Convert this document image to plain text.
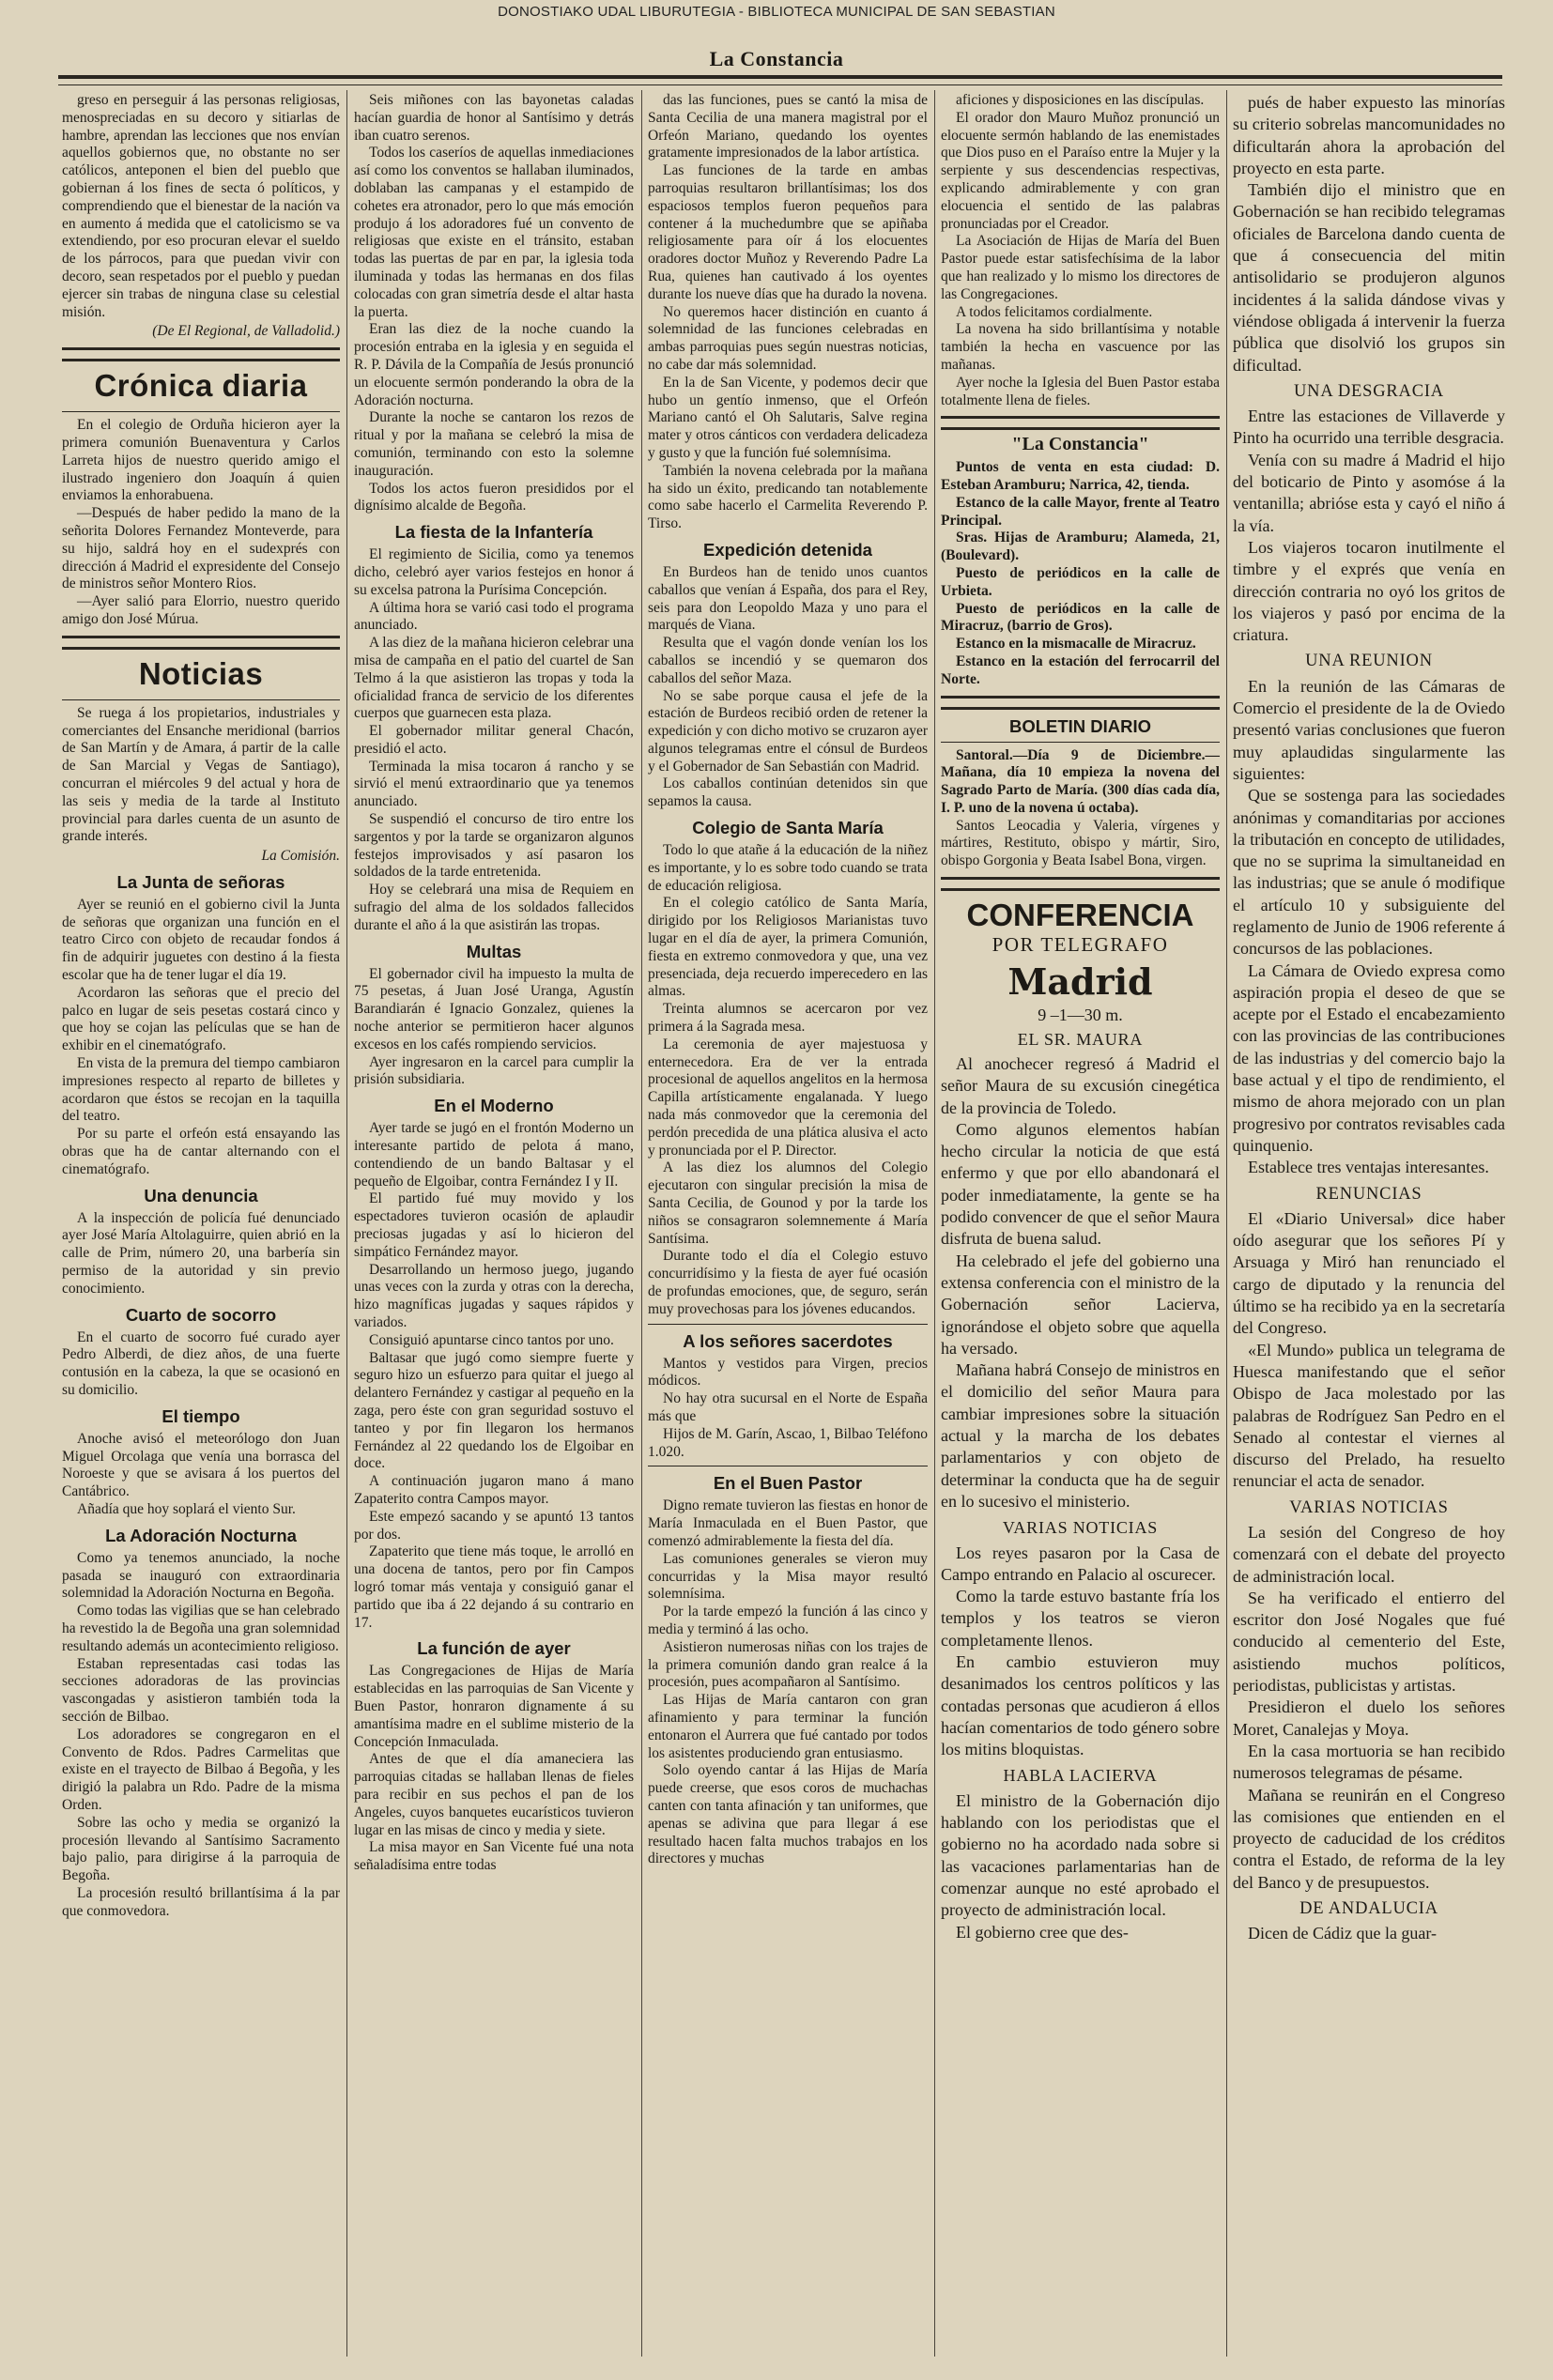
DONOSTIAKO UDAL LIBURUTEGIA - BIBLIOTECA MUNICIPAL DE SAN SEBASTIAN
La Constancia

greso en perseguir á las personas religiosas, menospreciadas en su decoro y sitiarlas de hambre, aprendan las lecciones que nos envían aquellos gobiernos que, no obstante no ser católicos, anteponen el bien del pueblo que gobiernan á los fines de secta ó políticos, y comprendiendo que el bienestar de la nación va en aumento á medida que el catolicismo se va extendiendo, por eso procuran elevar el sueldo de los párrocos, para que puedan vivir con decoro, sean respetados por el pueblo y puedan ejercer sin trabas de ninguna clase su celestial misión.

(De El Regional, de Valladolid.)
Crónica diaria

En el colegio de Orduña hicieron ayer la primera comunión Buenaventura y Carlos Larreta hijos de nuestro querido amigo el ilustrado ingeniero don Joaquín á quien enviamos la enhorabuena.

—Después de haber pedido la mano de la señorita Dolores Fernandez Monteverde, para su hijo, saldrá hoy en el sudexprés con dirección á Madrid el expresidente del Consejo de ministros señor Montero Rios.

—Ayer salió para Elorrio, nuestro querido amigo don José Múrua.

Noticias

Se ruega á los propietarios, industriales y comerciantes del Ensanche meridional (barrios de San Martín y de Amara, á partir de la calle de San Marcial y Vegas de Santiago), concurran el miércoles 9 del actual y hora de las seis y media de la tarde al Instituto provincial para darles cuenta de un asunto de grande interés.

La Comisión.
La Junta de señoras

Ayer se reunió en el gobierno civil la Junta de señoras que organizan una función en el teatro Circo con objeto de recaudar fondos á fin de adquirir juguetes con destino á la fiesta escolar que ha de tener lugar el día 19.

Acordaron las señoras que el precio del palco en lugar de seis pesetas costará cinco y que hoy se cojan las películas que se han de exhibir en el cinematógrafo.

En vista de la premura del tiempo cambiaron impresiones respecto al reparto de billetes y acordaron que éstos se recojan en la taquilla del teatro.

Por su parte el orfeón está ensayando las obras que ha de cantar alternando con el cinematógrafo.

Una denuncia

A la inspección de policía fué denunciado ayer José María Altolaguirre, quien abrió en la calle de Prim, número 20, una barbería sin permiso de la autoridad y sin previo conocimiento.

Cuarto de socorro

En el cuarto de socorro fué curado ayer Pedro Alberdi, de diez años, de una fuerte contusión en la cabeza, la que se ocasionó en su domicilio.

El tiempo

Anoche avisó el meteorólogo don Juan Miguel Orcolaga que venía una borrasca del Noroeste y que se avisara á los puertos del Cantábrico.

Añadía que hoy soplará el viento Sur.

La Adoración Nocturna

Como ya tenemos anunciado, la noche pasada se inauguró con extraordinaria solemnidad la Adoración Nocturna en Begoña.

Como todas las vigilias que se han celebrado ha revestido la de Begoña una gran solemnidad resultando además un acontecimiento religioso.

Estaban representadas casi todas las secciones adoradoras de las provincias vascongadas y asistieron también toda la sección de Bilbao.

Los adoradores se congregaron en el Convento de Rdos. Padres Carmelitas que existe en el trayecto de Bilbao á Begoña, y les dirigió la palabra un Rdo. Padre de la misma Orden.

Sobre las ocho y media se organizó la procesión llevando al Santísimo Sacramento bajo palio, para dirigirse á la parroquia de Begoña.

La procesión resultó brillantísima á la par que conmovedora.

Seis miñones con las bayonetas caladas hacían guardia de honor al Santísimo y detrás iban cuatro serenos.

Todos los caseríos de aquellas inmediaciones así como los conventos se hallaban iluminados, doblaban las campanas y el estampido de cohetes era atronador, pero lo que más emoción produjo á los adoradores fué un convento de religiosas que existe en el tránsito, estaban todas las puertas de par en par, la iglesia toda iluminada y todas las hermanas en dos filas colocadas con gran simetría desde el altar hasta la puerta.

Eran las diez de la noche cuando la procesión entraba en la iglesia y en seguida el R. P. Dávila de la Compañía de Jesús pronunció un elocuente sermón ponderando la obra de la Adoración nocturna.

Durante la noche se cantaron los rezos de ritual y por la mañana se celebró la misa de comunión, terminando con esto la solemne inauguración.

Todos los actos fueron presididos por el dignísimo alcalde de Begoña.

La fiesta de la Infantería

El regimiento de Sicilia, como ya tenemos dicho, celebró ayer varios festejos en honor á su excelsa patrona la Purísima Concepción.

A última hora se varió casi todo el programa anunciado.

A las diez de la mañana hicieron celebrar una misa de campaña en el patio del cuartel de San Telmo á la que asistieron las tropas y toda la oficialidad franca de servicio de los diferentes cuerpos que guarnecen esta plaza.

El gobernador militar general Chacón, presidió el acto.

Terminada la misa tocaron á rancho y se sirvió el menú extraordinario que ya tenemos anunciado.

Se suspendió el concurso de tiro entre los sargentos y por la tarde se organizaron algunos festejos improvisados y así pasaron los soldados de la tarde entretenida.

Hoy se celebrará una misa de Requiem en sufragio del alma de los soldados fallecidos durante el año á la que asistirán las tropas.

Multas

El gobernador civil ha impuesto la multa de 75 pesetas, á Juan José Uranga, Agustín Barandiarán é Ignacio Gonzalez, quienes la noche anterior se permitieron hacer algunos excesos en los cafés rompiendo servicios.

Ayer ingresaron en la carcel para cumplir la prisión subsidiaria.

En el Moderno

Ayer tarde se jugó en el frontón Moderno un interesante partido de pelota á mano, contendiendo de un bando Baltasar y el pequeño de Elgoibar, contra Fernández I y II.

El partido fué muy movido y los espectadores tuvieron ocasión de aplaudir preciosas jugadas y así lo hicieron del simpático Fernández mayor.

Desarrollando un hermoso juego, jugando unas veces con la zurda y otras con la derecha, hizo magníficas jugadas y saques rápidos y variados.

Consiguió apuntarse cinco tantos por uno.

Baltasar que jugó como siempre fuerte y seguro hizo un esfuerzo para quitar el juego al delantero Fernández y castigar al pequeño en la zaga, pero éste con gran seguridad sostuvo el tanteo y por fin llegaron los hermanos Fernández al 22 quedando los de Elgoibar en doce.

A continuación jugaron mano á mano Zapaterito contra Campos mayor.

Este empezó sacando y se apuntó 13 tantos por dos.

Zapaterito que tiene más toque, le arrolló en una docena de tantos, pero por fin Campos logró tomar más ventaja y consiguió ganar el partido que iba á 22 dejando á su contrario en 17.

La función de ayer

Las Congregaciones de Hijas de María establecidas en las parroquias de San Vicente y Buen Pastor, honraron dignamente á su amantísima madre en el sublime misterio de la Concepción Inmaculada.

Antes de que el día amaneciera las parroquias citadas se hallaban llenas de fieles para recibir en sus pechos el pan de los Angeles, cuyos banquetes eucarísticos tuvieron lugar en las misas de cinco y media y siete.

La misa mayor en San Vicente fué una nota señaladísima entre todas

das las funciones, pues se cantó la misa de Santa Cecilia de una manera magistral por el Orfeón Mariano, quedando los oyentes gratamente impresionados de la labor artística.

Las funciones de la tarde en ambas parroquias resultaron brillantísimas; los dos espaciosos templos fueron pequeños para contener á la muchedumbre que se apiñaba religiosamente para oír á los elocuentes oradores doctor Muñoz y Reverendo Padre La Rua, quienes han cautivado á los oyentes durante los nueve días que ha durado la novena.

No queremos hacer distinción en cuanto á solemnidad de las funciones celebradas en ambas parroquias pues según nuestras noticias, no cabe dar más solemnidad.

En la de San Vicente, y podemos decir que hubo un gentío inmenso, que el Orfeón Mariano cantó el Oh Salutaris, Salve regina mater y otros cánticos con verdadera delicadeza y gusto y que la función fué solemnísima.

También la novena celebrada por la mañana ha sido un éxito, predicando tan notablemente como sabe hacerlo el Carmelita Reverendo P. Tirso.

Expedición detenida

En Burdeos han de tenido unos cuantos caballos que venían á España, dos para el Rey, seis para don Leopoldo Maza y uno para el marqués de Viana.

Resulta que el vagón donde venían los los caballos se incendió y se quemaron dos caballos del señor Maza.

No se sabe porque causa el jefe de la estación de Burdeos recibió orden de retener la expedición y con dicho motivo se cruzaron ayer algunos telegramas entre el cónsul de Burdeos y el Gobernador de San Sebastián con Madrid.

Los caballos continúan detenidos sin que sepamos la causa.

Colegio de Santa María

Todo lo que atañe á la educación de la niñez es importante, y lo es sobre todo cuando se trata de educación religiosa.

En el colegio católico de Santa María, dirigido por los Religiosos Marianistas tuvo lugar en el día de ayer, la primera Comunión, fiesta en extremo conmovedora y que, una vez presenciada, deja recuerdo imperecedero en las almas.

Treinta alumnos se acercaron por vez primera á la Sagrada mesa.

La ceremonia de ayer majestuosa y enternecedora. Era de ver la entrada procesional de aquellos angelitos en la hermosa Capilla artísticamente engalanada. Y luego nada más conmovedor que la ceremonia del perdón precedida de una plática alusiva el acto y pronunciada por el P. Director.

A las diez los alumnos del Colegio ejecutaron con singular precisión la misa de Santa Cecilia, de Gounod y por la tarde los niños se consagraron solemnemente á María Santísima.

Durante todo el día el Colegio estuvo concurridísimo y la fiesta de ayer fué ocasión de profundas emociones, que, de seguro, serán muy provechosas para los jóvenes educandos.

A los señores sacerdotes

Mantos y vestidos para Virgen, precios módicos.

No hay otra sucursal en el Norte de España más que

Hijos de M. Garín, Ascao, 1, Bilbao Teléfono 1.020.

En el Buen Pastor

Digno remate tuvieron las fiestas en honor de María Inmaculada en el Buen Pastor, que comenzó admirablemente la fiesta del día.

Las comuniones generales se vieron muy concurridas y la Misa mayor resultó solemnísima.

Por la tarde empezó la función á las cinco y media y terminó á las ocho.

Asistieron numerosas niñas con los trajes de la primera comunión dando gran realce á la procesión, pues acompañaron al Santísimo.

Las Hijas de María cantaron con gran afinamiento y para terminar la función entonaron el Aurrera que fué cantado por todos los asistentes produciendo gran entusiasmo.

Solo oyendo cantar á las Hijas de María puede creerse, que esos coros de muchachas canten con tanta afinación y tan uniformes, que apenas se adivina que para llegar á ese resultado hacen falta muchos trabajos en los directores y muchas

aficiones y disposiciones en las discípulas.

El orador don Mauro Muñoz pronunció un elocuente sermón hablando de las enemistades que Dios puso en el Paraíso entre la Mujer y la serpiente y sus descendencias respectivas, explicando admirablemente y con gran elocuencia el sentido de las palabras pronunciadas por el Creador.

La Asociación de Hijas de María del Buen Pastor puede estar satisfechísima de la labor que han realizado y lo mismo los directores de las Congregaciones.

A todos felicitamos cordialmente.

La novena ha sido brillantísima y notable también la hecha en vascuence por las mañanas.

Ayer noche la Iglesia del Buen Pastor estaba totalmente llena de fieles.

"La Constancia"

Puntos de venta en esta ciudad: D. Esteban Aramburu; Narrica, 42, tienda.

Estanco de la calle Mayor, frente al Teatro Principal.

Sras. Hijas de Aramburu; Alameda, 21, (Boulevard).

Puesto de periódicos en la calle de Urbieta.

Puesto de periódicos en la calle de Miracruz, (barrio de Gros).

Estanco en la mismacalle de Miracruz.

Estanco en la estación del ferrocarril del Norte.

BOLETIN DIARIO

Santoral.—Día 9 de Diciembre.—Mañana, día 10 empieza la novena del Sagrado Parto de María. (300 días cada día, I. P. uno de la novena ú octaba).

Santos Leocadia y Valeria, vírgenes y mártires, Restituto, obispo y mártir, Siro, obispo Gorgonia y Beata Isabel Bona, virgen.

CONFERENCIA
POR TELEGRAFO
Madrid
9 –1—30 m.
EL SR. MAURA

Al anochecer regresó á Madrid el señor Maura de su excusión cinegética de la provincia de Toledo.

Como algunos elementos habían hecho circular la noticia de que está enfermo y que por ello abandonará el poder inmediatamente, la gente se ha podido convencer de que el señor Maura disfruta de buena salud.

Ha celebrado el jefe del gobierno una extensa conferencia con el ministro de la Gobernación señor Lacierva, ignorándose el objeto sobre que aquella ha versado.

Mañana habrá Consejo de ministros en el domicilio del señor Maura para cambiar impresiones sobre la situación actual y la marcha de los debates parlamentarios y con objeto de determinar la conducta que ha de seguir en lo sucesivo el ministerio.

VARIAS NOTICIAS

Los reyes pasaron por la Casa de Campo entrando en Palacio al oscurecer.

Como la tarde estuvo bastante fría los templos y los teatros se vieron completamente llenos.

En cambio estuvieron muy desanimados los centros políticos y las contadas personas que acudieron á ellos hacían comentarios de todo género sobre los mitins bloquistas.

HABLA LACIERVA

El ministro de la Gobernación dijo hablando con los periodistas que el gobierno no ha acordado nada sobre si las vacaciones parlamentarias han de comenzar aunque no esté aprobado el proyecto de administración local.

El gobierno cree que des-

pués de haber expuesto las minorías su criterio sobrelas mancomunidades no dificultarán ahora la aprobación del proyecto en esta parte.

También dijo el ministro que en Gobernación se han recibido telegramas oficiales de Barcelona dando cuenta de que á consecuencia del mitin antisolidario se produjeron algunos incidentes á la salida dándose vivas y viéndose obligada á intervenir la fuerza pública que disolvió los grupos sin dificultad.

UNA DESGRACIA

Entre las estaciones de Villaverde y Pinto ha ocurrido una terrible desgracia.

Venía con su madre á Madrid el hijo del boticario de Pinto y asomóse á la ventanilla; abrióse esta y cayó el niño á la vía.

Los viajeros tocaron inutilmente el timbre y el exprés que venía en dirección contraria no oyó los gritos de los viajeros y pasó por encima de la criatura.

UNA REUNION

En la reunión de las Cámaras de Comercio el presidente de la de Oviedo presentó varias conclusiones que fueron muy aplaudidas singularmente las siguientes:

Que se sostenga para las sociedades anónimas y comanditarias por acciones la tributación en concepto de utilidades, que no se suprima la simultaneidad en las industrias; que se anule ó modifique el artículo 10 y subsiguiente del reglamento de Junio de 1906 referente á concursos de las poblaciones.

La Cámara de Oviedo expresa como aspiración propia el deseo de que se acepte por el Estado el encabezamiento con las provincias de las contribuciones de las industrias y del comercio bajo la base actual y el tipo de rendimiento, el mismo de ahora mejorado con un plan progresivo por contratos revisables cada quinquenio.

Establece tres ventajas interesantes.

RENUNCIAS

El «Diario Universal» dice haber oído asegurar que los señores Pí y Arsuaga y Miró han renunciado el cargo de diputado y la renuncia del último se ha recibido ya en la secretaría del Congreso.

«El Mundo» publica un telegrama de Huesca manifestando que el señor Obispo de Jaca molestado por las palabras de Rodríguez San Pedro en el Senado al contestar el viernes al discurso del Prelado, ha resuelto renunciar el acta de senador.

VARIAS NOTICIAS

La sesión del Congreso de hoy comenzará con el debate del proyecto de administración local.

Se ha verificado el entierro del escritor don José Nogales que fué conducido al cementerio del Este, asistiendo muchos políticos, periodistas, publicistas y artistas.

Presidieron el duelo los señores Moret, Canalejas y Moya.

En la casa mortuoria se han recibido numerosos telegramas de pésame.

Mañana se reunirán en el Congreso las comisiones que entienden en el proyecto de caducidad de los créditos contra el Estado, de reforma de la ley del Banco y de presupuestos.

DE ANDALUCIA

Dicen de Cádiz que la guar-
